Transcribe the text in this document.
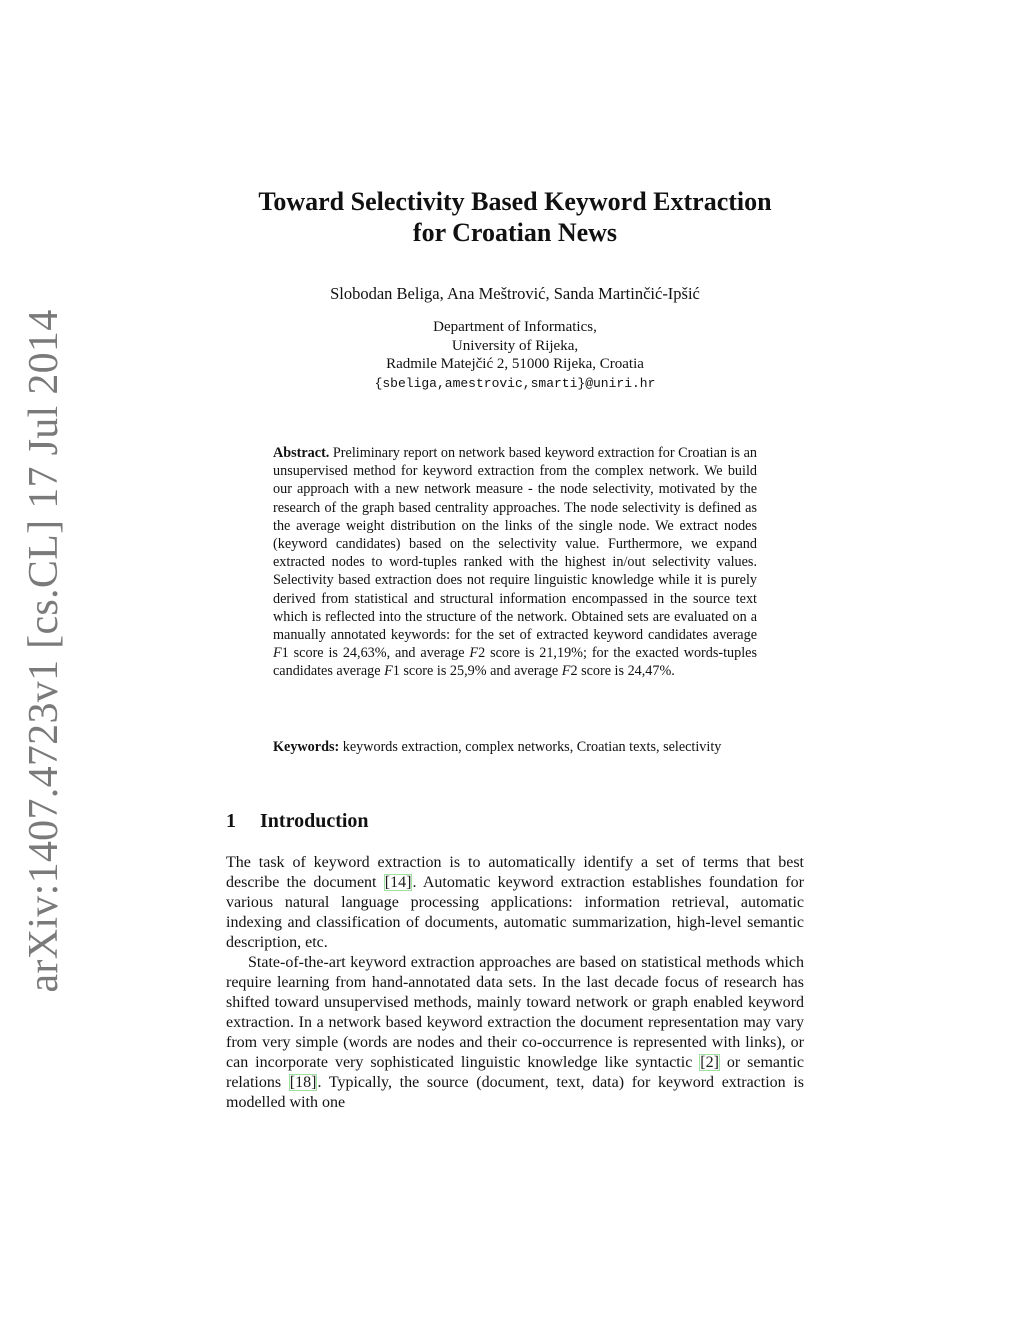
arXiv:1407.4723v1 [cs.CL] 17 Jul 2014
Toward Selectivity Based Keyword Extraction
for Croatian News
Slobodan Beliga, Ana Meštrović, Sanda Martinčić-Ipšić
Department of Informatics,
University of Rijeka,
Radmile Matejčić 2, 51000 Rijeka, Croatia
{sbeliga,amestrovic,smarti}@uniri.hr
Abstract. Preliminary report on network based keyword extraction for Croatian is an unsupervised method for keyword extraction from the complex network. We build our approach with a new network measure - the node selectivity, motivated by the research of the graph based centrality approaches. The node selectivity is defined as the average weight distribution on the links of the single node. We extract nodes (keyword candidates) based on the selectivity value. Furthermore, we expand extracted nodes to word-tuples ranked with the highest in/out selectivity values. Selectivity based extraction does not require linguistic knowledge while it is purely derived from statistical and structural information encompassed in the source text which is reflected into the structure of the network. Obtained sets are evaluated on a manually annotated keywords: for the set of extracted keyword candidates average F1 score is 24,63%, and average F2 score is 21,19%; for the exacted words-tuples candidates average F1 score is 25,9% and average F2 score is 24,47%.
Keywords: keywords extraction, complex networks, Croatian texts, selectivity
1 Introduction
The task of keyword extraction is to automatically identify a set of terms that best describe the document [14]. Automatic keyword extraction establishes foundation for various natural language processing applications: information retrieval, automatic indexing and classification of documents, automatic summarization, high-level semantic description, etc.
State-of-the-art keyword extraction approaches are based on statistical methods which require learning from hand-annotated data sets. In the last decade focus of research has shifted toward unsupervised methods, mainly toward network or graph enabled keyword extraction. In a network based keyword extraction the document representation may vary from very simple (words are nodes and their co-occurrence is represented with links), or can incorporate very sophisticated linguistic knowledge like syntactic [2] or semantic relations [18]. Typically, the source (document, text, data) for keyword extraction is modelled with one
